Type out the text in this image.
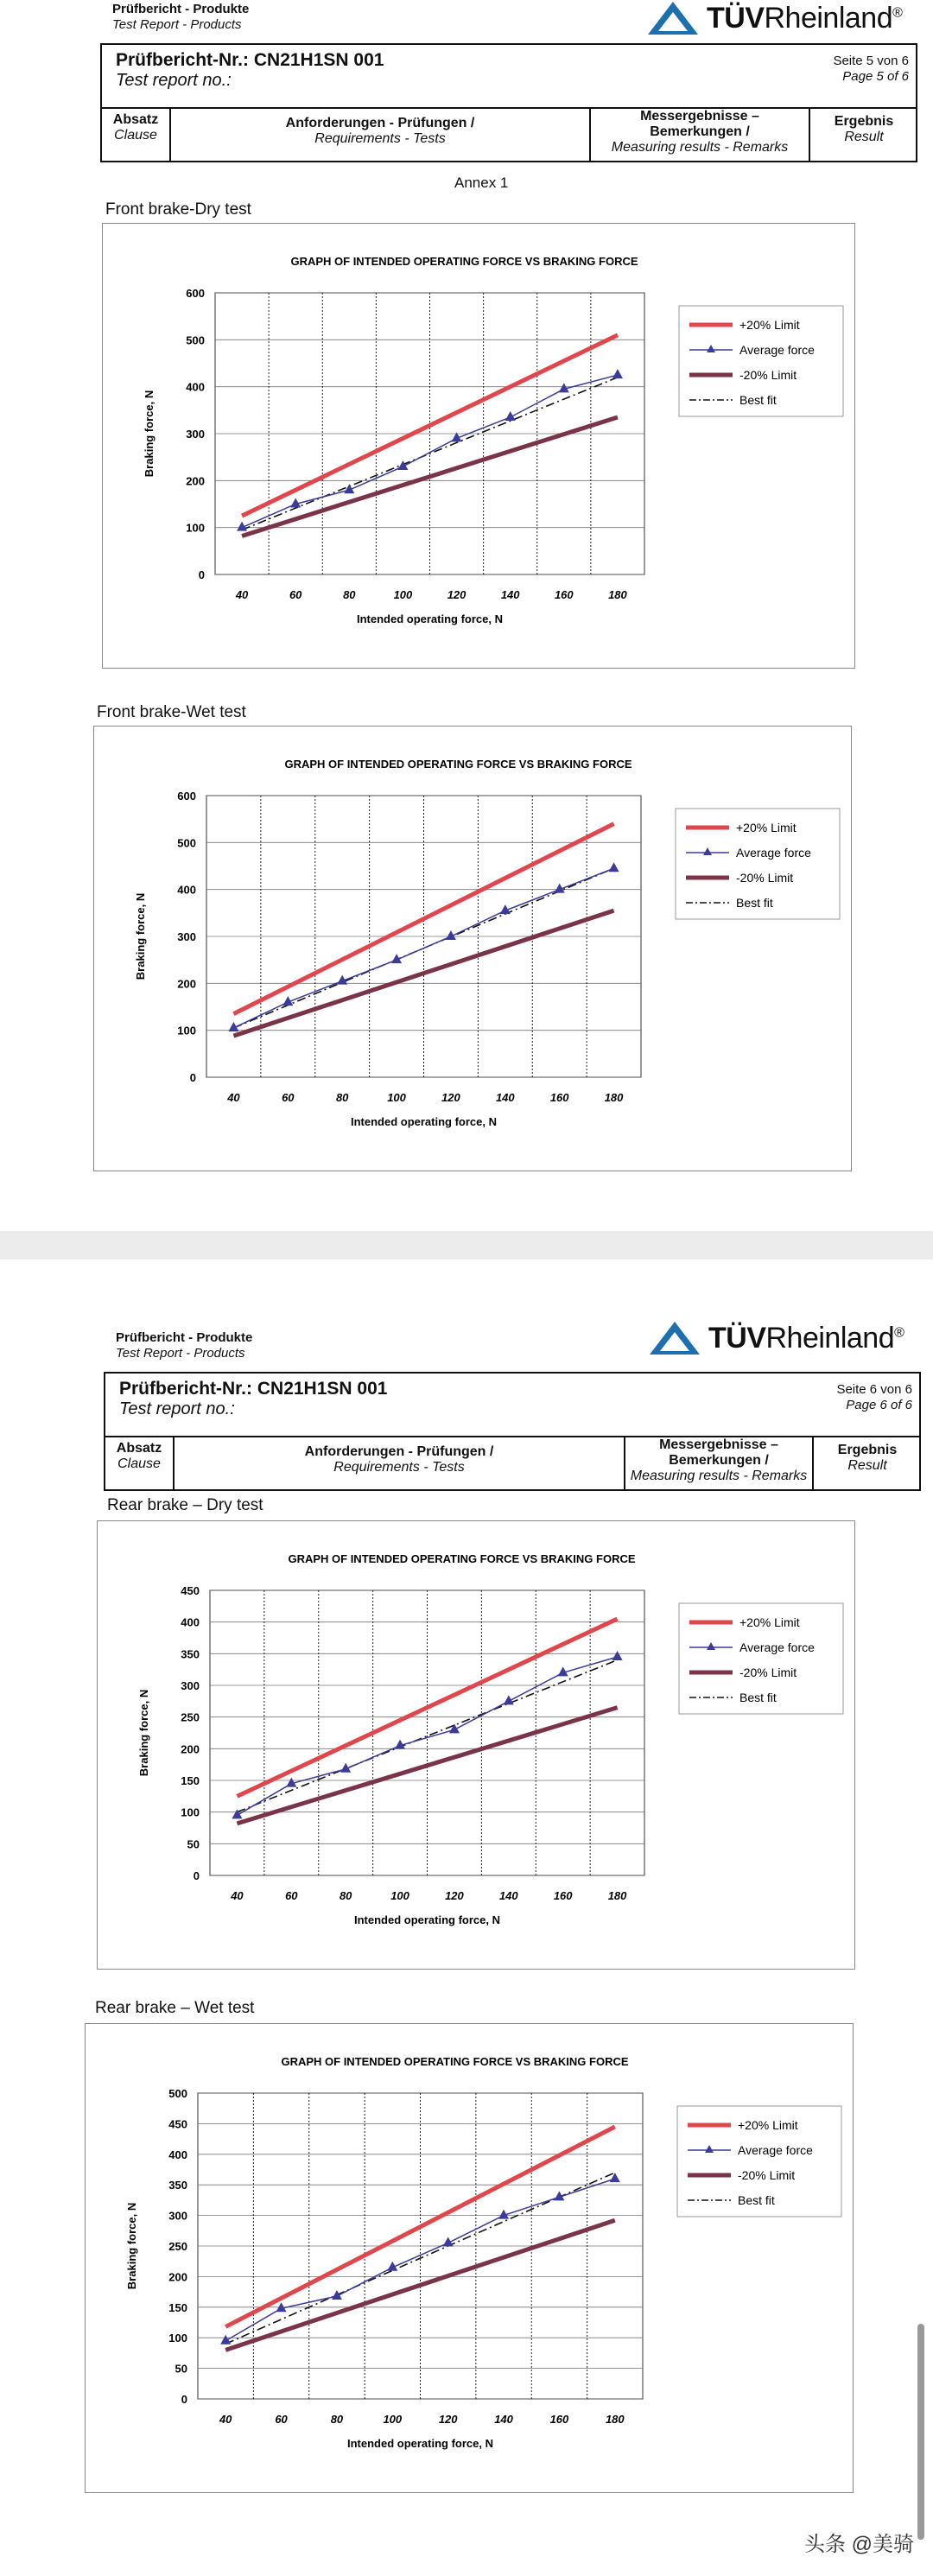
Prüfbericht - Produkte
Test Report - Products	TÜVRheinland®
Prüfbericht-Nr.: CN21H1SN 001
Test report no.:
Seite 5 von 6
Page 5 of 6
Absatz
Clause
Anforderungen - Prüfungen /
Requirements - Tests
Messergebnisse –
Bemerkungen /
Measuring results - Remarks
Ergebnis
Result
Annex 1
Front brake-Dry test
GRAPH OF INTENDED OPERATING FORCE VS BRAKING FORCE
0
100
200
300
400
500
600
40	60	80	100	120	140	160	180
Intended operating force, N
Braking force, N
+20% Limit
Average force
-20% Limit
Best fit
Front brake-Wet test
GRAPH OF INTENDED OPERATING FORCE VS BRAKING FORCE
0
100
200
300
400
500
600
40	60	80	100	120	140	160	180
Intended operating force, N
Braking force, N
+20% Limit
Average force
-20% Limit
Best fit
Prüfbericht - Produkte
Test Report - Products	TÜVRheinland®
Prüfbericht-Nr.: CN21H1SN 001
Test report no.:
Seite 6 von 6
Page 6 of 6
Absatz
Clause
Anforderungen - Prüfungen /
Requirements - Tests
Messergebnisse –
Bemerkungen /
Measuring results - Remarks
Ergebnis
Result
Rear brake – Dry test
GRAPH OF INTENDED OPERATING FORCE VS BRAKING FORCE
0
50
100
150
200
250
300
350
400
450
40	60	80	100	120	140	160	180
Intended operating force, N
Braking force, N
+20% Limit
Average force
-20% Limit
Best fit
Rear brake – Wet test
GRAPH OF INTENDED OPERATING FORCE VS BRAKING FORCE
0
50
100
150
200
250
300
350
400
450
500
40	60	80	100	120	140	160	180
Intended operating force, N
Braking force, N
+20% Limit
Average force
-20% Limit
Best fit
头条 @美骑
